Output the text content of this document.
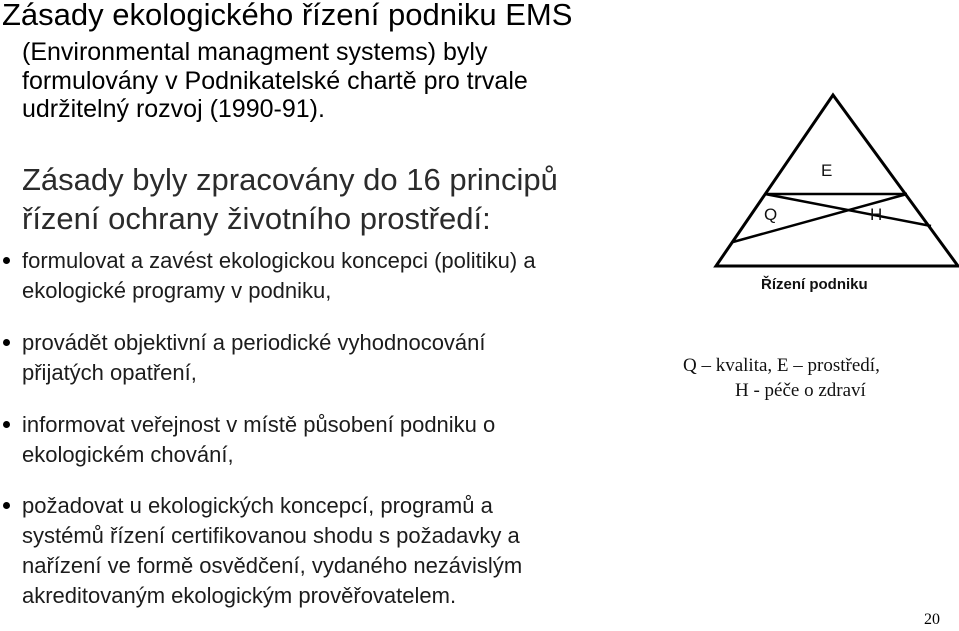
Zásady ekologického řízení podniku EMS
(Environmental managment systems) byly
formulovány v Podnikatelské chartě pro trvale
udržitelný rozvoj (1990-91).
Zásady byly zpracovány do 16 principů
řízení ochrany životního prostředí:
formulovat a zavést ekologickou koncepci (politiku) a
ekologické programy v podniku,
provádět objektivní a periodické vyhodnocování
přijatých opatření,
informovat veřejnost v místě působení podniku o
ekologickém chování,
požadovat u ekologických koncepcí, programů a
systémů řízení certifikovanou shodu s požadavky a
nařízení ve formě osvědčení, vydaného nezávislým
akreditovaným ekologickým prověřovatelem.
E
Q	H
Řízení podniku
Q – kvalita, E – prostředí,
H - péče o zdraví
20
